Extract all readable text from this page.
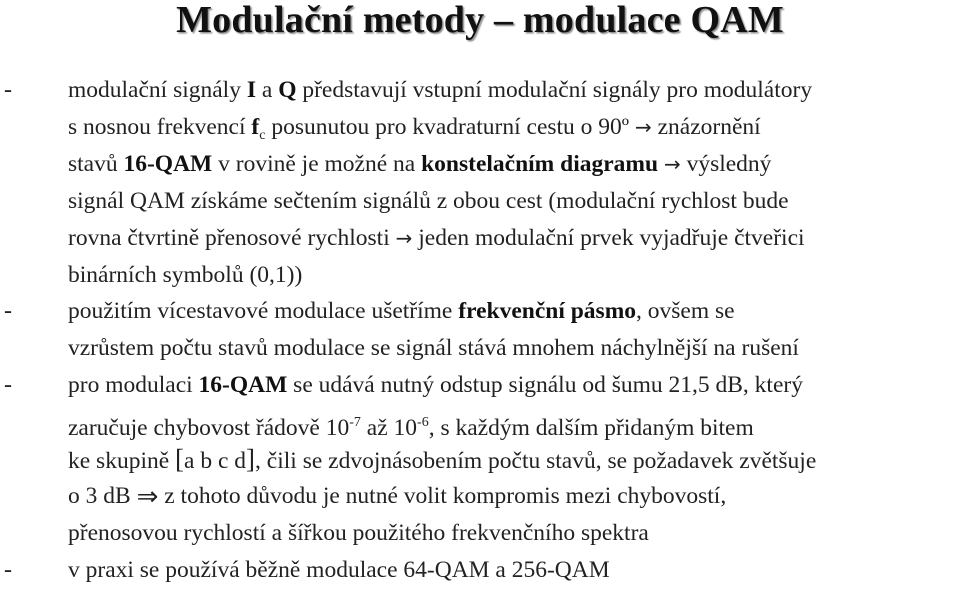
Modulační metody – modulace QAM
- modulační signály I a Q představují vstupní modulační signály pro modulátory
s nosnou frekvencí $f_c$ posunutou pro kvadraturní cestu o 90º → znázornění
stavů 16-QAM v rovině je možné na konstelačním diagramu → výsledný
signál QAM získáme sečtením signálů z obou cest (modulační rychlost bude
rovna čtvrtině přenosové rychlosti → jeden modulační prvek vyjadřuje čtveřici
binárních symbolů (0,1))
- použitím vícestavové modulace ušetříme frekvenční pásmo, ovšem se
vzrůstem počtu stavů modulace se signál stává mnohem náchylnější na rušení
- pro modulaci 16-QAM se udává nutný odstup signálu od šumu 21,5 dB, který
zaručuje chybovost řádově $10^{-7}$ až $10^{-6}$, s každým dalším přidaným bitem
ke skupině [a b c d], čili se zdvojnásobením počtu stavů, se požadavek zvětšuje
o 3 dB ⇒ z tohoto důvodu je nutné volit kompromis mezi chybovostí,
přenosovou rychlostí a šířkou použitého frekvenčního spektra
- v praxi se používá běžně modulace 64-QAM a 256-QAM
